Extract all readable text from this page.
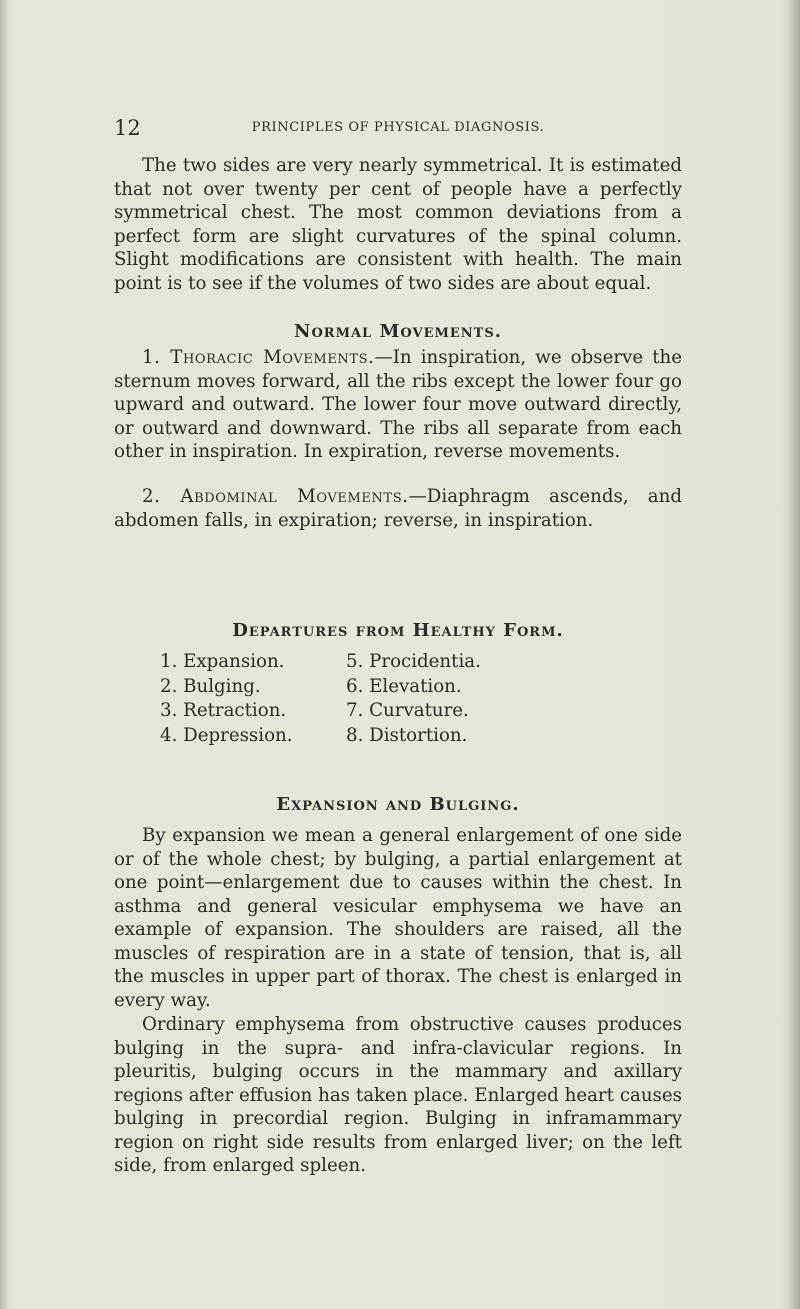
12	PRINCIPLES OF PHYSICAL DIAGNOSIS.

The two sides are very nearly symmetrical. It is estimated that not over twenty per cent of people have a perfectly symmetrical chest. The most common deviations from a perfect form are slight curvatures of the spinal column. Slight modifications are consistent with health. The main point is to see if the volumes of two sides are about equal.

Normal Movements.

1. Thoracic Movements.—In inspiration, we observe the sternum moves forward, all the ribs except the lower four go upward and outward. The lower four move outward directly, or outward and downward. The ribs all separate from each other in inspiration. In expiration, reverse movements.

2. Abdominal Movements.—Diaphragm ascends, and abdomen falls, in expiration; reverse, in inspiration.

Departures from Healthy Form.
1. Expansion.	5. Procidentia.
2. Bulging.	6. Elevation.
3. Retraction.	7. Curvature.
4. Depression.	8. Distortion.
Expansion and Bulging.

By expansion we mean a general enlargement of one side or of the whole chest; by bulging, a partial enlargement at one point—enlargement due to causes within the chest. In asthma and general vesicular emphysema we have an example of expansion. The shoulders are raised, all the muscles of respiration are in a state of tension, that is, all the muscles in upper part of thorax. The chest is enlarged in every way.

Ordinary emphysema from obstructive causes produces bulging in the supra- and infra-clavicular regions. In pleuritis, bulging occurs in the mammary and axillary regions after effusion has taken place. Enlarged heart causes bulging in precordial region. Bulging in inframammary region on right side results from enlarged liver; on the left side, from enlarged spleen.
